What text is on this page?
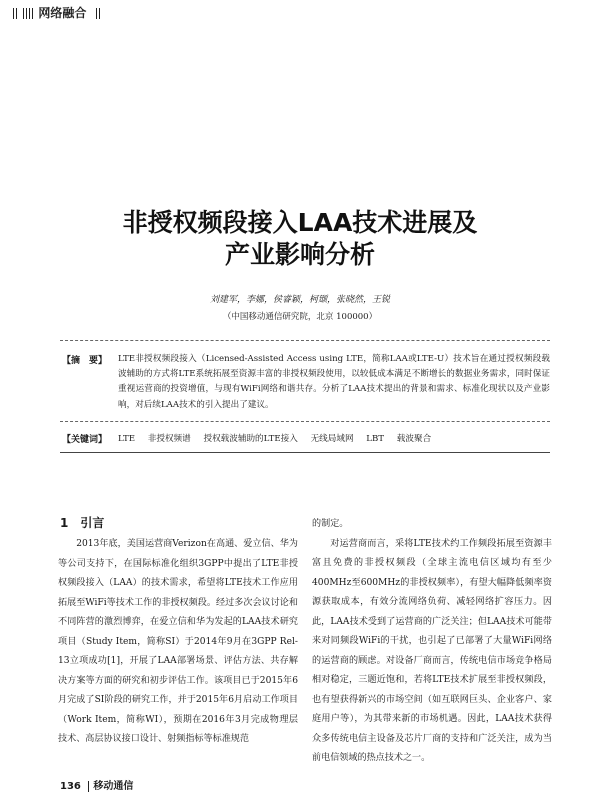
网络融合
非授权频段接入LAA技术进展及
产业影响分析
刘建军，李娜，侯睿颖，柯颋，张晓然，王锐
（中国移动通信研究院，北京 100000）
【摘　要】 LTE非授权频段接入（Licensed-Assisted Access using LTE，简称LAA或LTE-U）技术旨在通过授权频段载波辅助的方式将LTE系统拓展至资源丰富的非授权频段使用，以较低成本满足不断增长的数据业务需求，同时保证重视运营商的投资增值，与现有WiFi网络和谐共存。分析了LAA技术提出的背景和需求、标准化现状以及产业影响，对后续LAA技术的引入提出了建议。
【关键词】 LTE 非授权频谱 授权载波辅助的LTE接入 无线局域网 LBT 载波聚合
1 引言

2013年底，美国运营商Verizon在高通、爱立信、华为等公司支持下，在国际标准化组织3GPP中提出了LTE非授权频段接入（LAA）的技术需求，希望将LTE技术工作应用拓展至WiFi等技术工作的非授权频段。经过多次会议讨论和不同阵营的激烈博弈，在爱立信和华为发起的LAA技术研究项目（Study Item，简称SI）于2014年9月在3GPP Rel-13立项成功[1]，开展了LAA部署场景、评估方法、共存解决方案等方面的研究和初步评估工作。该项目已于2015年6月完成了SI阶段的研究工作，并于2015年6月启动工作项目（Work Item，简称WI），预期在2016年3月完成物理层技术、高层协议接口设计、射频指标等标准规范

的制定。

对运营商而言，采将LTE技术约工作频段拓展至资源丰富且免费的非授权频段（全球主流电信区域均有至少400MHz至600MHz的非授权频率），有望大幅降低频率资源获取成本，有效分流网络负荷、减轻网络扩容压力。因此，LAA技术受到了运营商的广泛关注；但LAA技术可能带来对同频段WiFi的干扰，也引起了已部署了大量WiFi网络的运营商的顾虑。对设备厂商而言，传统电信市场竞争格局相对稳定，三题近饱和，若将LTE技术扩展至非授权频段，也有望获得新兴的市场空间（如互联网巨头、企业客户、家庭用户等），为其带来新的市场机遇。因此，LAA技术获得众多传统电信主设备及芯片厂商的支持和广泛关注，成为当前电信领域的热点技术之一。

136 移动通信
